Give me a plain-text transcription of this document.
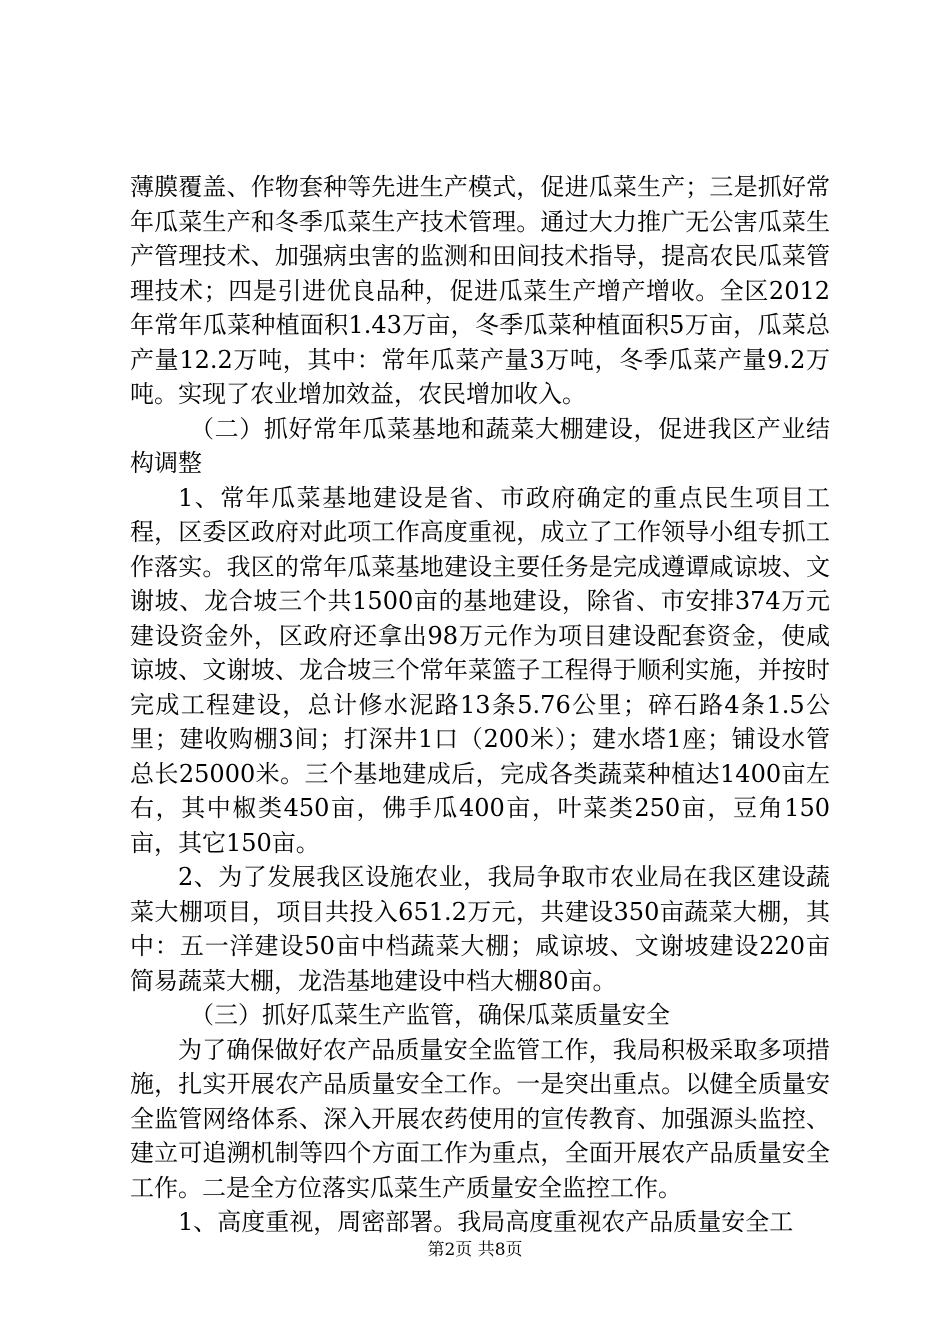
薄膜覆盖、作物套种等先进生产模式，促进瓜菜生产；三是抓好常年瓜菜生产和冬季瓜菜生产技术管理。通过大力推广无公害瓜菜生产管理技术、加强病虫害的监测和田间技术指导，提高农民瓜菜管理技术；四是引进优良品种，促进瓜菜生产增产增收。全区2012年常年瓜菜种植面积1.43万亩，冬季瓜菜种植面积5万亩，瓜菜总产量12.2万吨，其中：常年瓜菜产量3万吨，冬季瓜菜产量9.2万吨。实现了农业增加效益，农民增加收入。

（二）抓好常年瓜菜基地和蔬菜大棚建设，促进我区产业结构调整

1、常年瓜菜基地建设是省、市政府确定的重点民生项目工程，区委区政府对此项工作高度重视，成立了工作领导小组专抓工作落实。我区的常年瓜菜基地建设主要任务是完成遵谭咸谅坡、文谢坡、龙合坡三个共1500亩的基地建设，除省、市安排374万元建设资金外，区政府还拿出98万元作为项目建设配套资金，使咸谅坡、文谢坡、龙合坡三个常年菜篮子工程得于顺利实施，并按时完成工程建设，总计修水泥路13条5.76公里；碎石路4条1.5公里；建收购棚3间；打深井1口（200米）；建水塔1座；铺设水管总长25000米。三个基地建成后，完成各类蔬菜种植达1400亩左右，其中椒类450亩，佛手瓜400亩，叶菜类250亩，豆角150亩，其它150亩。

2、为了发展我区设施农业，我局争取市农业局在我区建设蔬菜大棚项目，项目共投入651.2万元，共建设350亩蔬菜大棚，其中：五一洋建设50亩中档蔬菜大棚；咸谅坡、文谢坡建设220亩简易蔬菜大棚，龙浩基地建设中档大棚80亩。

（三）抓好瓜菜生产监管，确保瓜菜质量安全

为了确保做好农产品质量安全监管工作，我局积极采取多项措施，扎实开展农产品质量安全工作。一是突出重点。以健全质量安全监管网络体系、深入开展农药使用的宣传教育、加强源头监控、建立可追溯机制等四个方面工作为重点，全面开展农产品质量安全工作。二是全方位落实瓜菜生产质量安全监控工作。

1、高度重视，周密部署。我局高度重视农产品质量安全工

第2页 共8页
